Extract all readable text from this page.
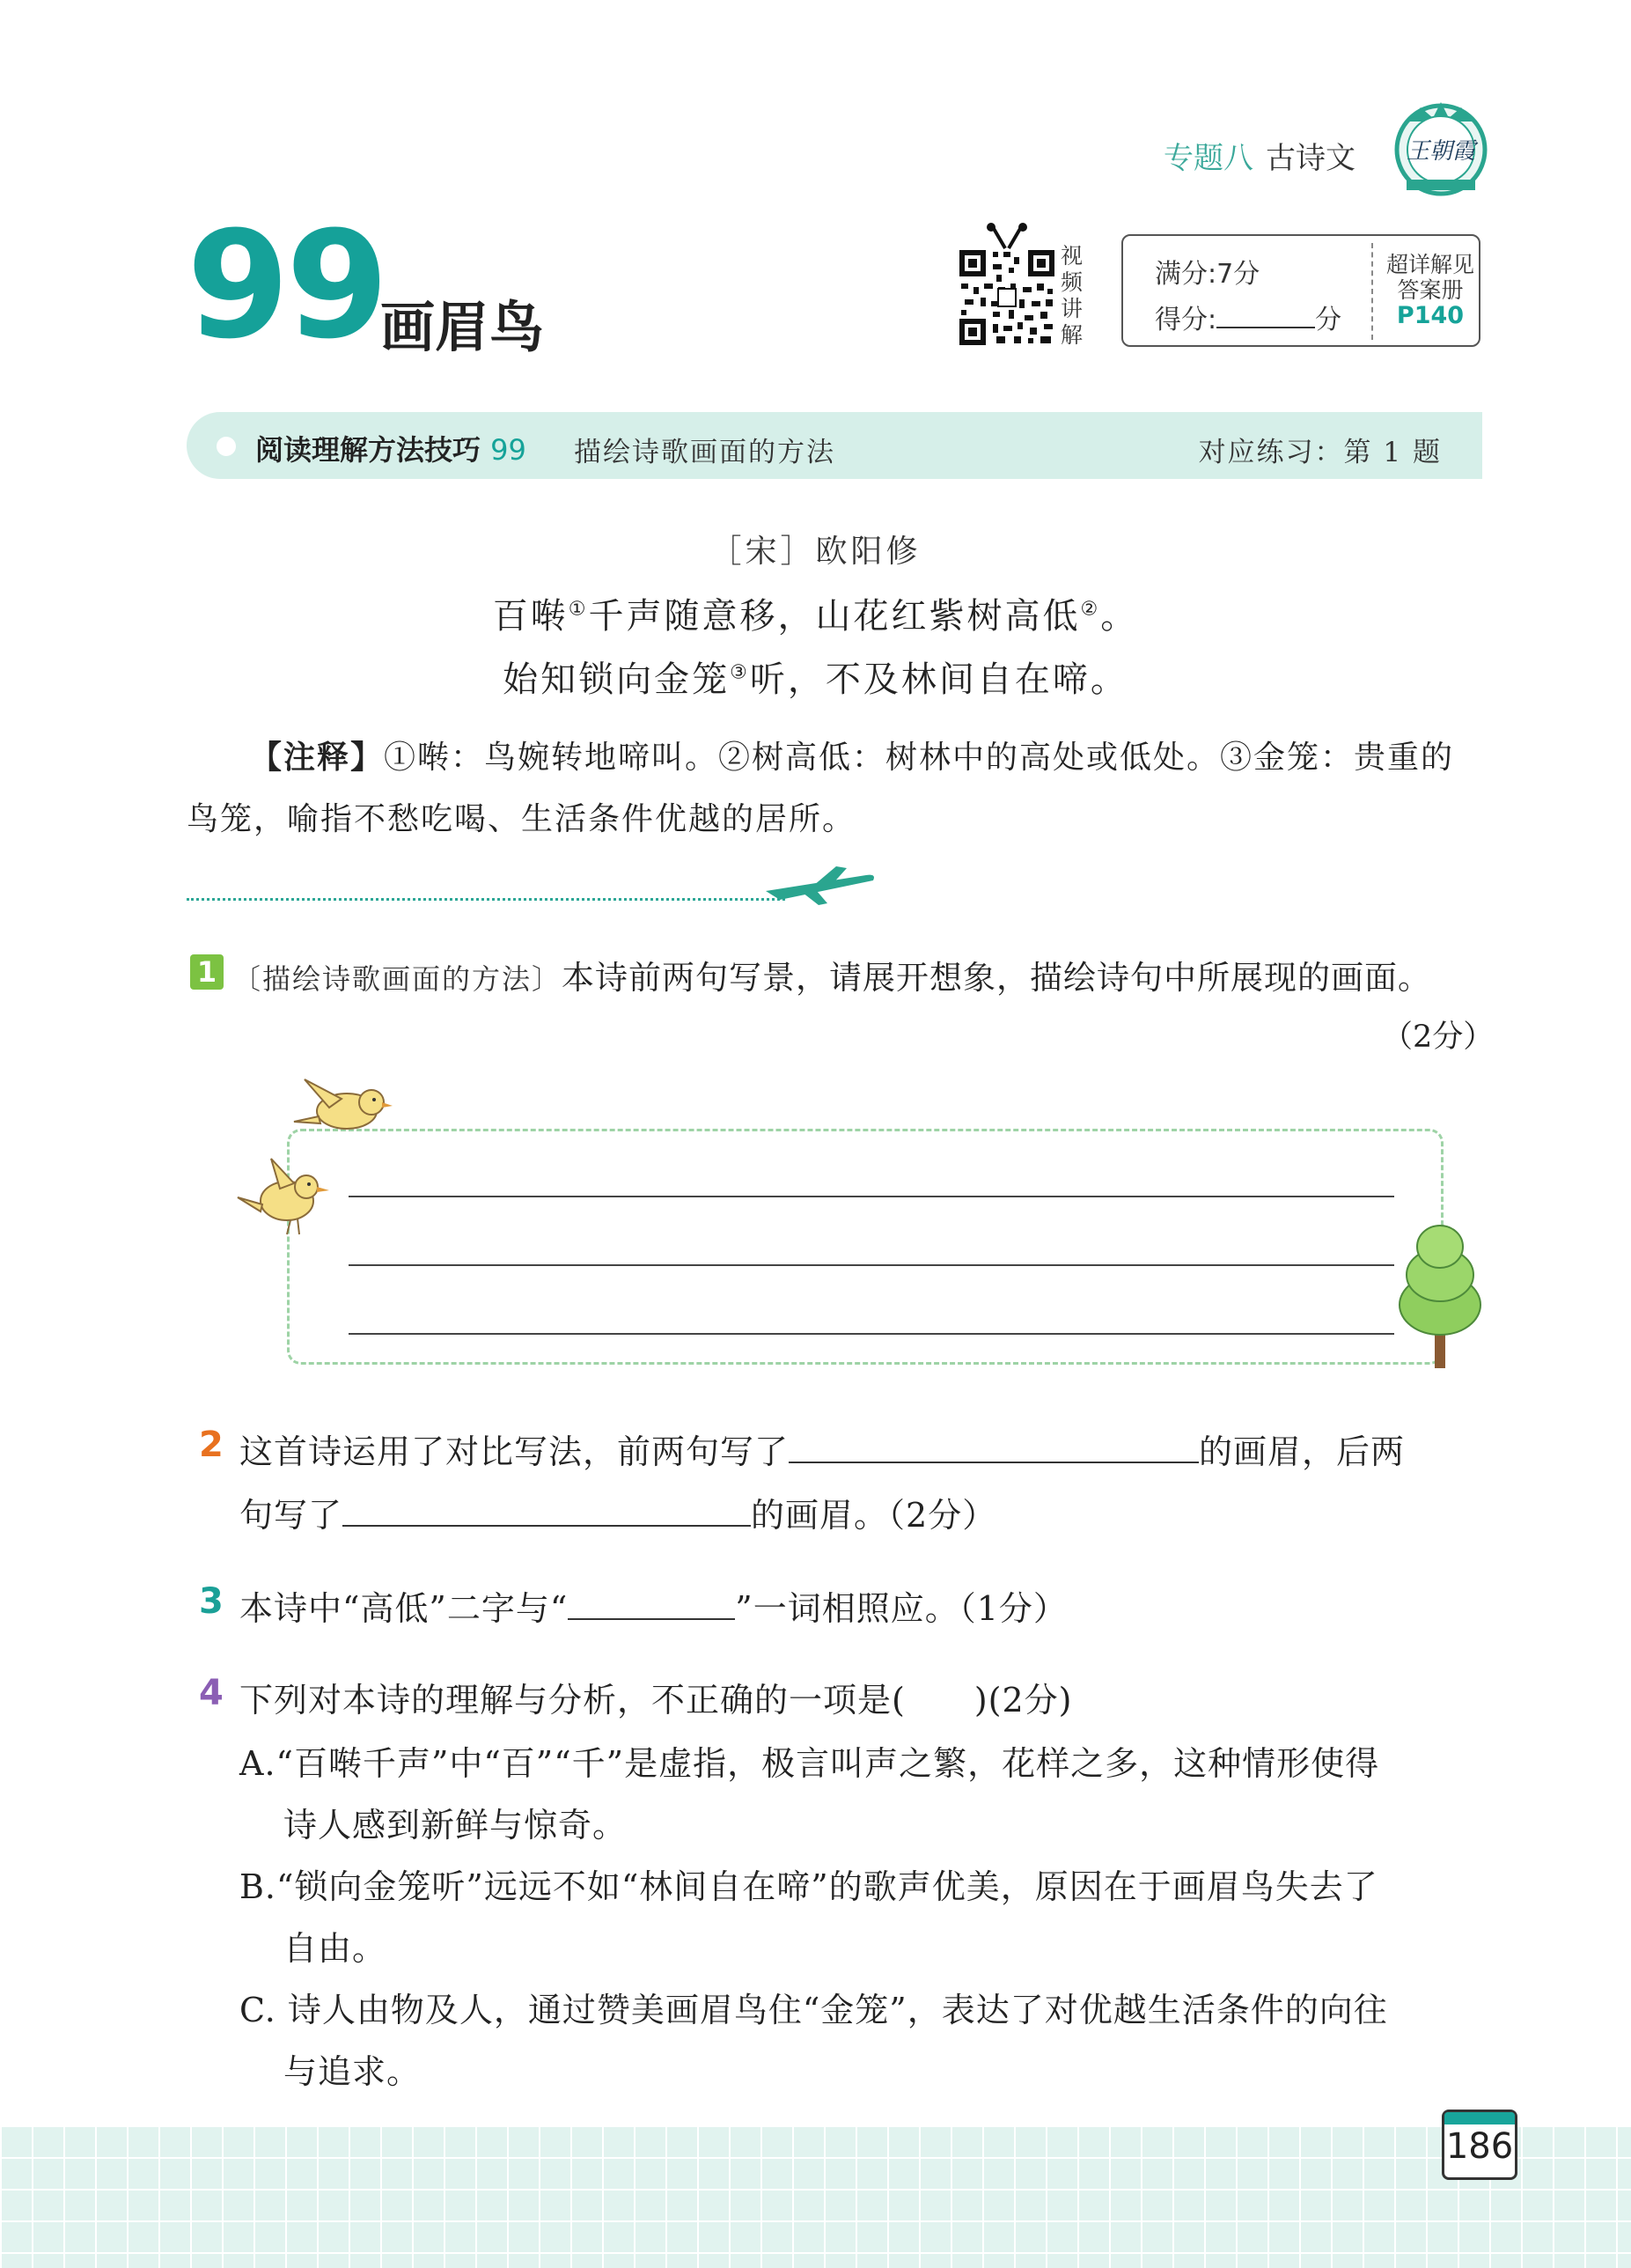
专题八 古诗文 王朝霞
99
画眉鸟
视
频
讲
解
满分:7分
得分:	分
超详解见
答案册
P140
阅读理解方法技巧 99 描绘诗歌画面的方法	对应练习：第 1 题
［宋］欧阳修
百啭①千声随意移，山花红紫树高低②。
始知锁向金笼③听，不及林间自在啼。
【注释】①啭：鸟婉转地啼叫。②树高低：树林中的高处或低处。③金笼：贵重的鸟笼，喻指不愁吃喝、生活条件优越的居所。
1 〔描绘诗歌画面的方法〕本诗前两句写景，请展开想象，描绘诗句中所展现的画面。
（2分）
2 这首诗运用了对比写法，前两句写了	的画眉，后两
句写了	的画眉。（2分）
3 本诗中“高低”二字与“	”一词相照应。（1分）
4 下列对本诗的理解与分析，不正确的一项是(　　)(2分)
A.“百啭千声”中“百”“千”是虚指，极言叫声之繁，花样之多，这种情形使得
诗人感到新鲜与惊奇。
B.“锁向金笼听”远远不如“林间自在啼”的歌声优美，原因在于画眉鸟失去了
自由。
C. 诗人由物及人，通过赞美画眉鸟住“金笼”，表达了对优越生活条件的向往
与追求。
186
